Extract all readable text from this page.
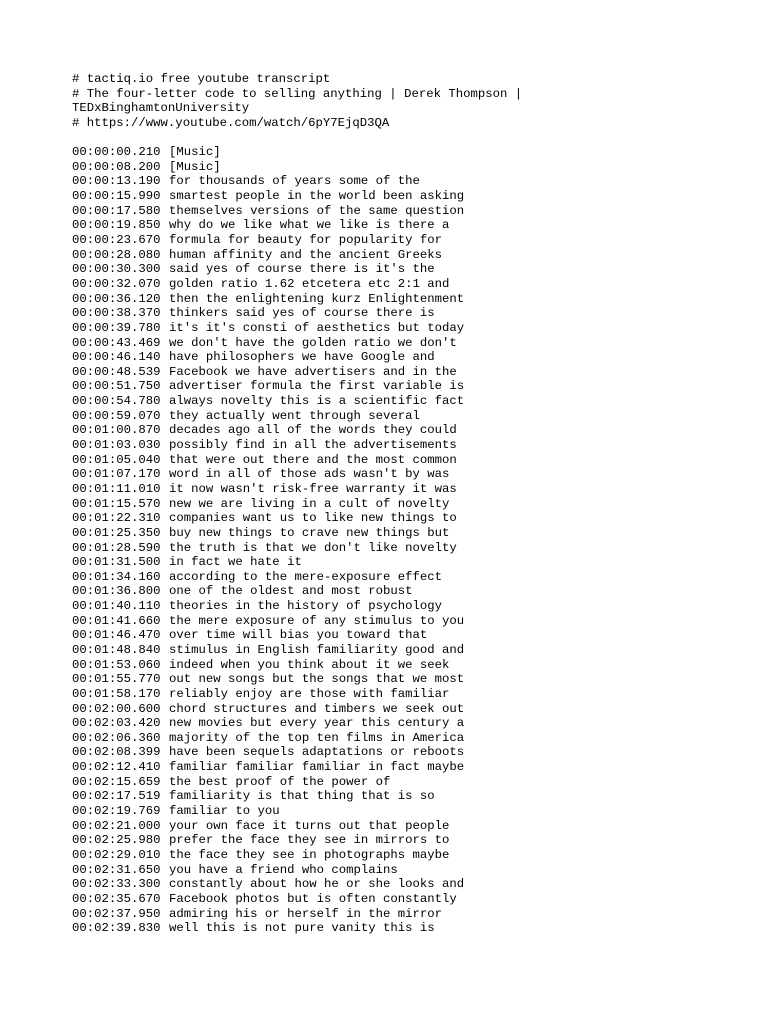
# tactiq.io free youtube transcript
# The four-letter code to selling anything | Derek Thompson |
TEDxBinghamtonUniversity
# https://www.youtube.com/watch/6pY7EjqD3QA
00:00:00.210 [Music]
00:00:08.200 [Music]
00:00:13.190 for thousands of years some of the
00:00:15.990 smartest people in the world been asking
00:00:17.580 themselves versions of the same question
00:00:19.850 why do we like what we like is there a
00:00:23.670 formula for beauty for popularity for
00:00:28.080 human affinity and the ancient Greeks
00:00:30.300 said yes of course there is it's the
00:00:32.070 golden ratio 1.62 etcetera etc 2:1 and
00:00:36.120 then the enlightening kurz Enlightenment
00:00:38.370 thinkers said yes of course there is
00:00:39.780 it's it's consti of aesthetics but today
00:00:43.469 we don't have the golden ratio we don't
00:00:46.140 have philosophers we have Google and
00:00:48.539 Facebook we have advertisers and in the
00:00:51.750 advertiser formula the first variable is
00:00:54.780 always novelty this is a scientific fact
00:00:59.070 they actually went through several
00:01:00.870 decades ago all of the words they could
00:01:03.030 possibly find in all the advertisements
00:01:05.040 that were out there and the most common
00:01:07.170 word in all of those ads wasn't by was
00:01:11.010 it now wasn't risk-free warranty it was
00:01:15.570 new we are living in a cult of novelty
00:01:22.310 companies want us to like new things to
00:01:25.350 buy new things to crave new things but
00:01:28.590 the truth is that we don't like novelty
00:01:31.500 in fact we hate it
00:01:34.160 according to the mere-exposure effect
00:01:36.800 one of the oldest and most robust
00:01:40.110 theories in the history of psychology
00:01:41.660 the mere exposure of any stimulus to you
00:01:46.470 over time will bias you toward that
00:01:48.840 stimulus in English familiarity good and
00:01:53.060 indeed when you think about it we seek
00:01:55.770 out new songs but the songs that we most
00:01:58.170 reliably enjoy are those with familiar
00:02:00.600 chord structures and timbers we seek out
00:02:03.420 new movies but every year this century a
00:02:06.360 majority of the top ten films in America
00:02:08.399 have been sequels adaptations or reboots
00:02:12.410 familiar familiar familiar in fact maybe
00:02:15.659 the best proof of the power of
00:02:17.519 familiarity is that thing that is so
00:02:19.769 familiar to you
00:02:21.000 your own face it turns out that people
00:02:25.980 prefer the face they see in mirrors to
00:02:29.010 the face they see in photographs maybe
00:02:31.650 you have a friend who complains
00:02:33.300 constantly about how he or she looks and
00:02:35.670 Facebook photos but is often constantly
00:02:37.950 admiring his or herself in the mirror
00:02:39.830 well this is not pure vanity this is
